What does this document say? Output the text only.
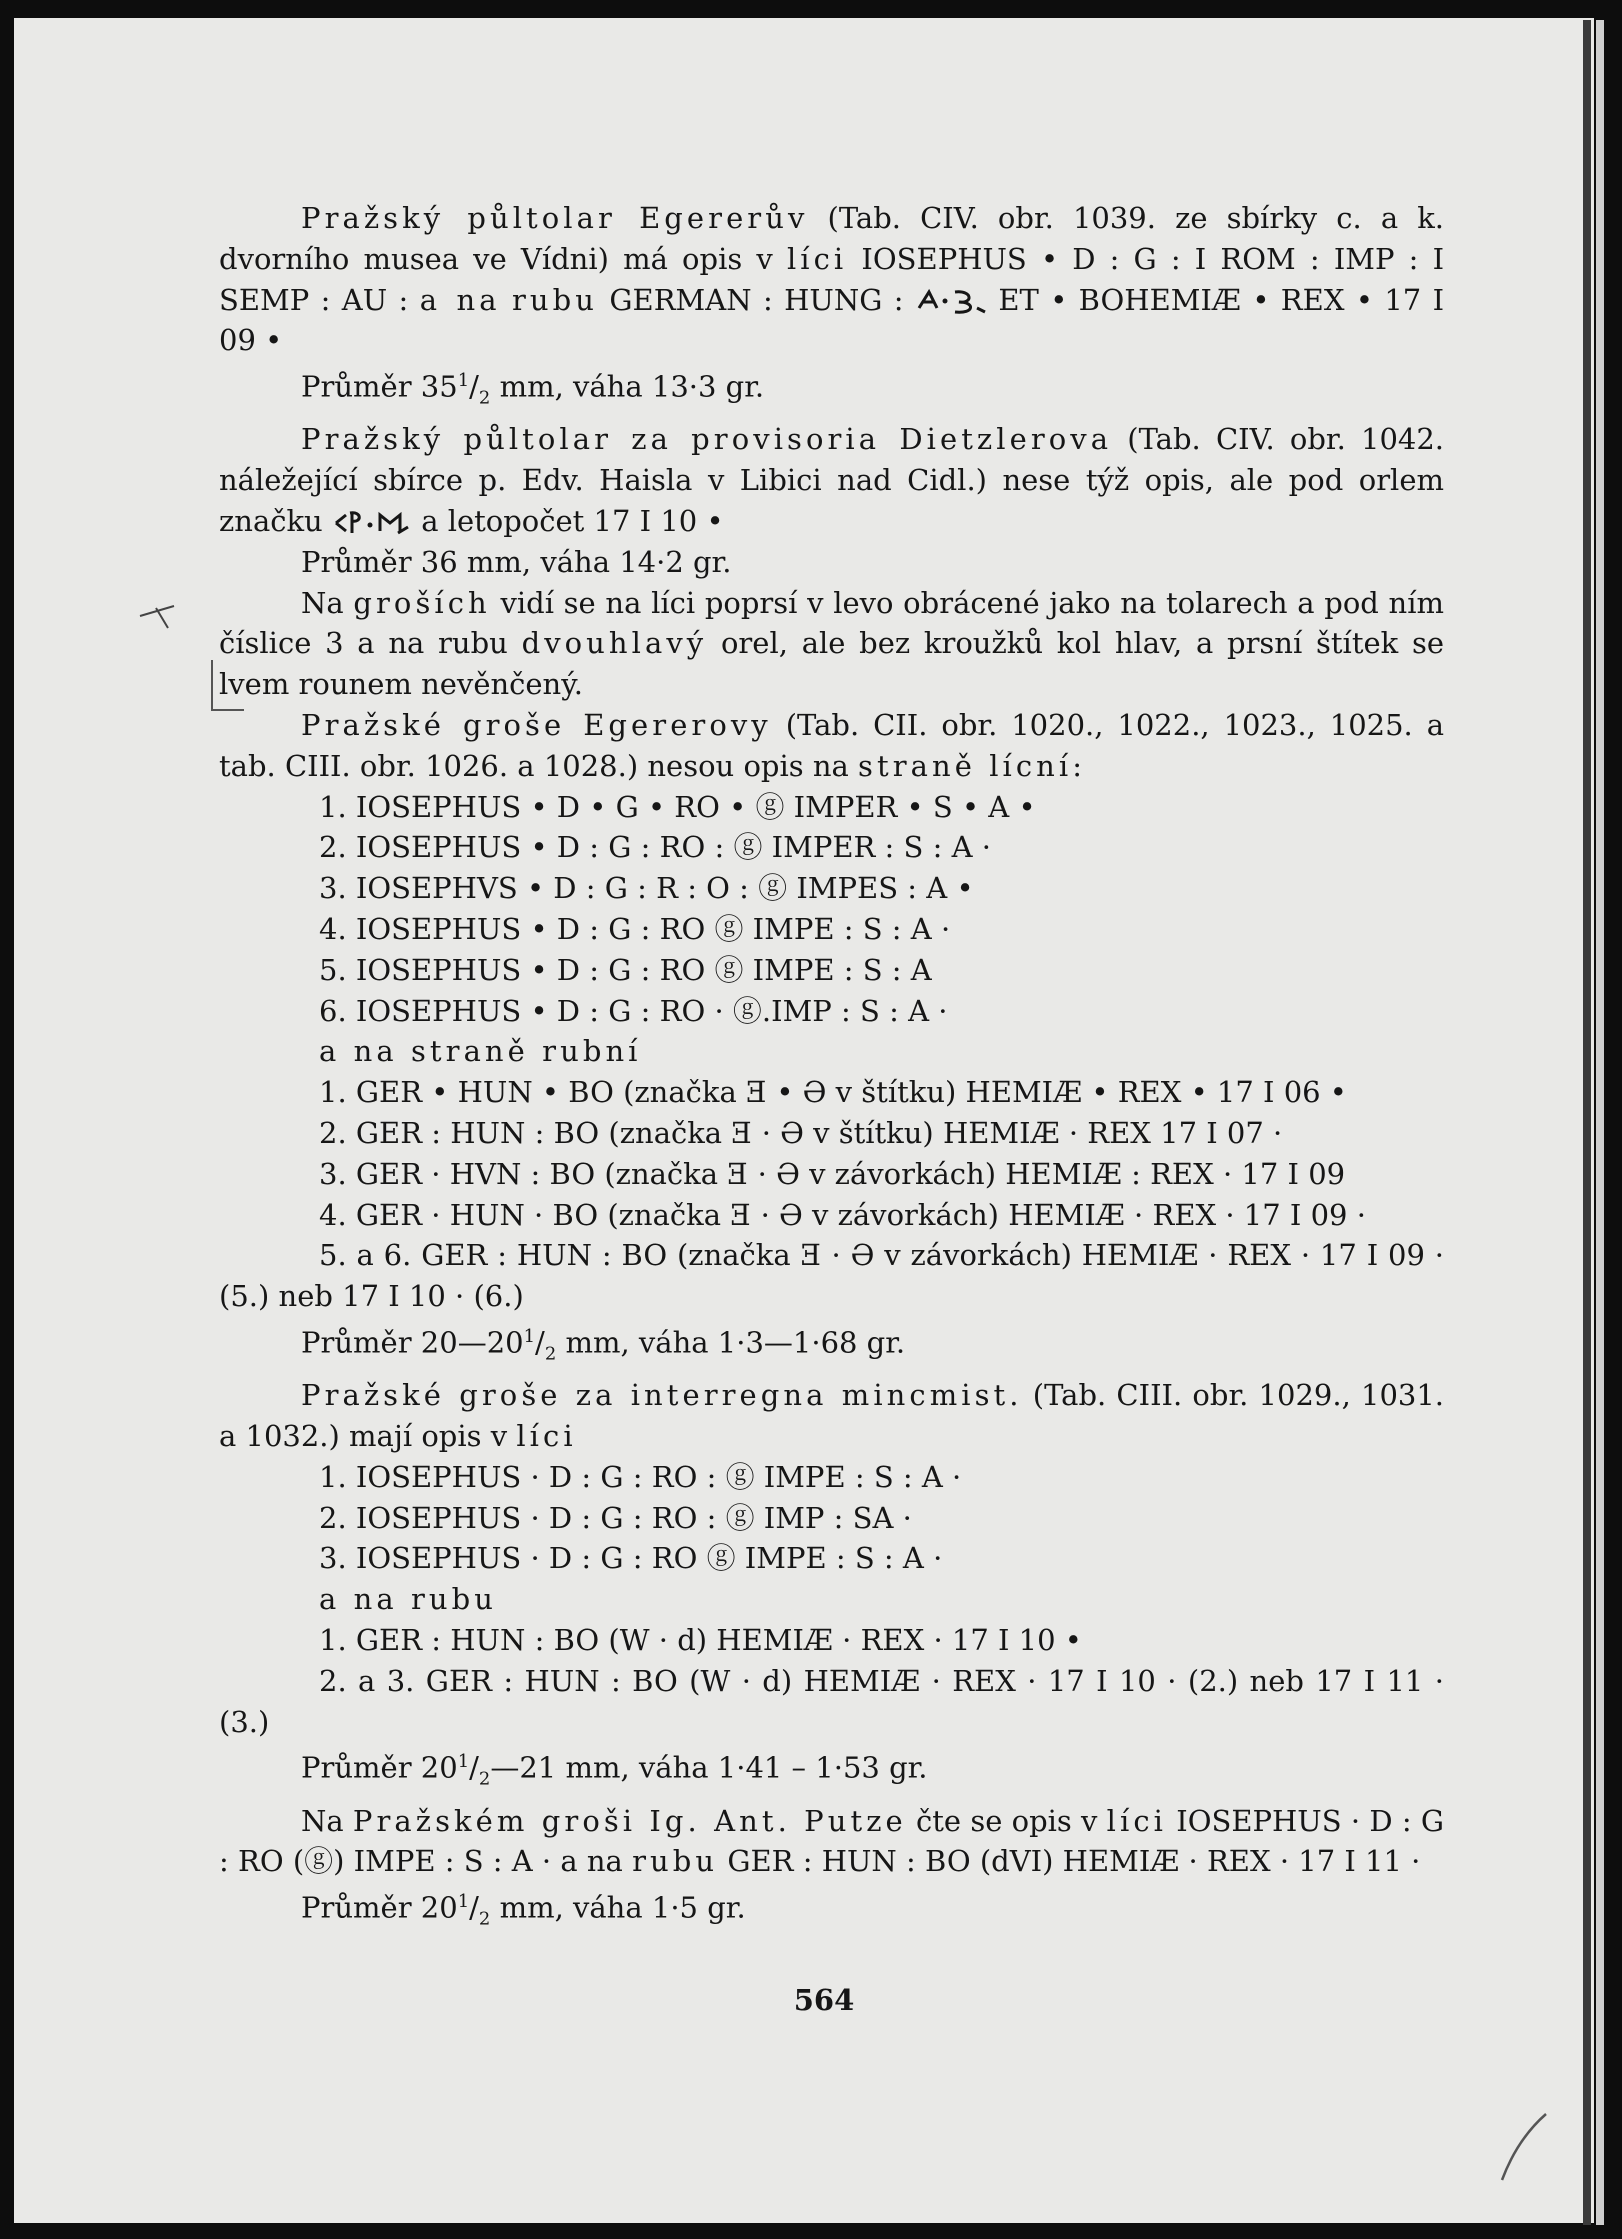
Pražský půltolar Egererův (Tab. CIV. obr. 1039. ze sbírky c. a k. dvorního musea ve Vídni) má opis v líci IOSEPHUS • D : G : I ROM : IMP : I SEMP : AU : a na rubu GERMAN : HUNG :	ET • BOHEMIÆ • REX • 17 I 09 •

Průměr $35^1/_2$ mm, váha 13·3 gr.

Pražský půltolar za provisoria Dietzlerova (Tab. CIV. obr. 1042. náležející sbírce p. Edv. Haisla v Libici nad Cidl.) nese týž opis, ale pod orlem značku	a letopočet 17 I 10 •

Průměr 36 mm, váha 14·2 gr.

Na groších vidí se na líci poprsí v levo obrácené jako na tolarech a pod ním číslice 3 a na rubu dvouhlavý orel, ale bez kroužků kol hlav, a prsní štítek se lvem rounem nevěnčený.

Pražské groše Egererovy (Tab. CII. obr. 1020., 1022., 1023., 1025. a tab. CIII. obr. 1026. a 1028.) nesou opis na straně lícní:

1. IOSEPHUS • D • G • RO • ⓖ IMPER • S • A •
2. IOSEPHUS • D : G : RO : ⓖ IMPER : S : A ·
3. IOSEPHVS • D : G : R : O : ⓖ IMPES : A •
4. IOSEPHUS • D : G : RO ⓖ IMPE : S : A ·
5. IOSEPHUS • D : G : RO ⓖ IMPE : S : A
6. IOSEPHUS • D : G : RO · ⓖ.IMP : S : A ·
a na straně rubní
1. GER • HUN • BO (značka Ǝ • Ə v štítku) HEMIÆ • REX • 17 I 06 •
2. GER : HUN : BO (značka Ǝ · Ə v štítku) HEMIÆ · REX 17 I 07 ·
3. GER · HVN : BO (značka Ǝ · Ə v závorkách) HEMIÆ : REX · 17 I 09
4. GER · HUN · BO (značka Ǝ · Ə v závorkách) HEMIÆ · REX · 17 I 09 ·

5. a 6. GER : HUN : BO (značka Ǝ · Ə v závorkách) HEMIÆ · REX · 17 I 09 · (5.) neb 17 I 10 · (6.)

Průměr $20—20^1/_2$ mm, váha 1·3—1·68 gr.

Pražské groše za interregna mincmist. (Tab. CIII. obr. 1029., 1031. a 1032.) mají opis v líci

1. IOSEPHUS · D : G : RO : ⓖ IMPE : S : A ·
2. IOSEPHUS · D : G : RO : ⓖ IMP : SA ·
3. IOSEPHUS · D : G : RO ⓖ IMPE : S : A ·
a na rubu
1. GER : HUN : BO (W · d) HEMIÆ · REX · 17 I 10 •

2. a 3. GER : HUN : BO (W · d) HEMIÆ · REX · 17 I 10 · (2.) neb 17 I 11 · (3.)

Průměr $20^1/_2—21$ mm, váha 1·41 – 1·53 gr.

Na Pražském groši Ig. Ant. Putze čte se opis v líci IOSEPHUS · D : G : RO (ⓖ) IMPE : S : A · a na rubu GER : HUN : BO (dVI) HEMIÆ · REX · 17 I 11 ·

Průměr $20^1/_2$ mm, váha 1·5 gr.

564
